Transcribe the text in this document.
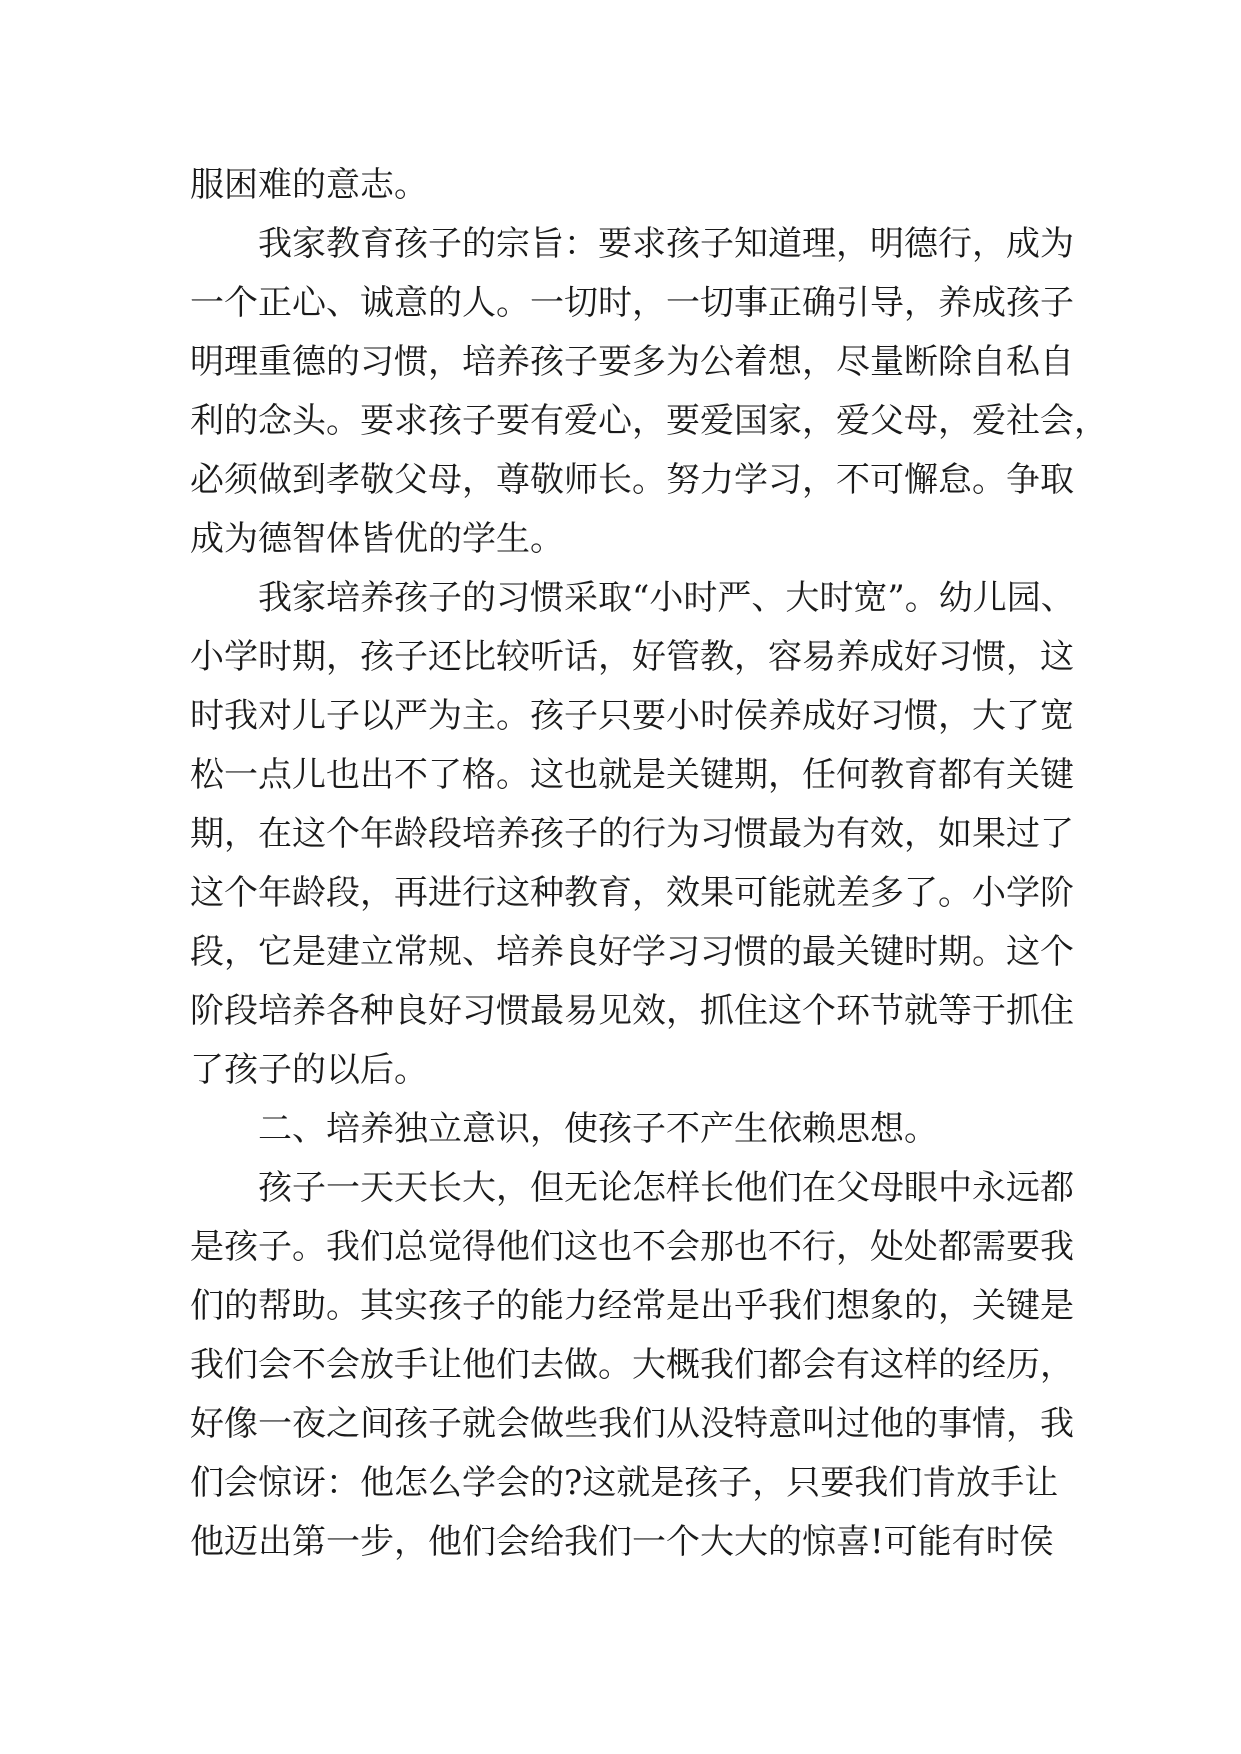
服困难的意志。
我家教育孩子的宗旨：要求孩子知道理，明德行，成为
一个正心、诚意的人。一切时，一切事正确引导，养成孩子
明理重德的习惯，培养孩子要多为公着想，尽量断除自私自
利的念头。要求孩子要有爱心，要爱国家，爱父母，爱社会，
必须做到孝敬父母，尊敬师长。努力学习，不可懈怠。争取
成为德智体皆优的学生。
我家培养孩子的习惯采取“小时严、大时宽”。幼儿园、
小学时期，孩子还比较听话，好管教，容易养成好习惯，这
时我对儿子以严为主。孩子只要小时侯养成好习惯，大了宽
松一点儿也出不了格。这也就是关键期，任何教育都有关键
期，在这个年龄段培养孩子的行为习惯最为有效，如果过了
这个年龄段，再进行这种教育，效果可能就差多了。小学阶
段，它是建立常规、培养良好学习习惯的最关键时期。这个
阶段培养各种良好习惯最易见效，抓住这个环节就等于抓住
了孩子的以后。
二、培养独立意识，使孩子不产生依赖思想。
孩子一天天长大，但无论怎样长他们在父母眼中永远都
是孩子。我们总觉得他们这也不会那也不行，处处都需要我
们的帮助。其实孩子的能力经常是出乎我们想象的，关键是
我们会不会放手让他们去做。大概我们都会有这样的经历，
好像一夜之间孩子就会做些我们从没特意叫过他的事情，我
们会惊讶：他怎么学会的?这就是孩子，只要我们肯放手让
他迈出第一步，他们会给我们一个大大的惊喜!可能有时侯
